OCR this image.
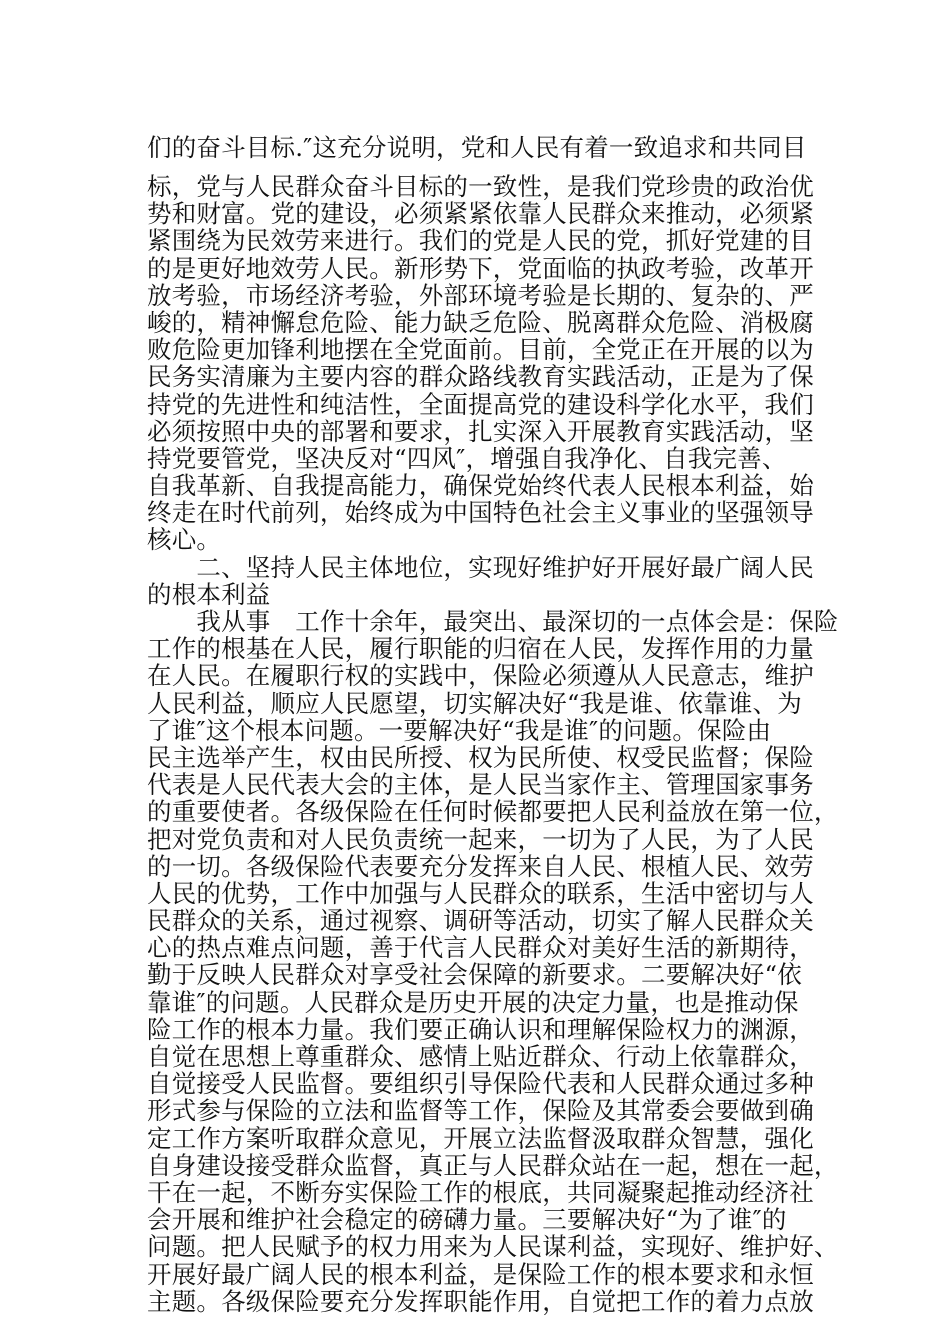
们的奋斗目标.″这充分说明，党和人民有着一致追求和共同目
标，党与人民群众奋斗目标的一致性，是我们党珍贵的政治优
势和财富。党的建设，必须紧紧依靠人民群众来推动，必须紧
紧围绕为民效劳来进行。我们的党是人民的党，抓好党建的目
的是更好地效劳人民。新形势下，党面临的执政考验，改革开
放考验，市场经济考验，外部环境考验是长期的、复杂的、严
峻的，精神懈怠危险、能力缺乏危险、脱离群众危险、消极腐
败危险更加锋利地摆在全党面前。目前，全党正在开展的以为
民务实清廉为主要内容的群众路线教育实践活动，正是为了保
持党的先进性和纯洁性，全面提高党的建设科学化水平，我们
必须按照中央的部署和要求，扎实深入开展教育实践活动，坚
持党要管党，坚决反对“四风″，增强自我净化、自我完善、
自我革新、自我提高能力，确保党始终代表人民根本利益，始
终走在时代前列，始终成为中国特色社会主义事业的坚强领导
核心。
　　二、坚持人民主体地位，实现好维护好开展好最广阔人民
的根本利益
　　我从事　工作十余年，最突出、最深切的一点体会是：保险
工作的根基在人民，履行职能的归宿在人民，发挥作用的力量
在人民。在履职行权的实践中，保险必须遵从人民意志，维护
人民利益，顺应人民愿望，切实解决好“我是谁、依靠谁、为
了谁″这个根本问题。一要解决好“我是谁″的问题。保险由
民主选举产生，权由民所授、权为民所使、权受民监督；保险
代表是人民代表大会的主体，是人民当家作主、管理国家事务
的重要使者。各级保险在任何时候都要把人民利益放在第一位，
把对党负责和对人民负责统一起来，一切为了人民，为了人民
的一切。各级保险代表要充分发挥来自人民、根植人民、效劳
人民的优势，工作中加强与人民群众的联系，生活中密切与人
民群众的关系，通过视察、调研等活动，切实了解人民群众关
心的热点难点问题，善于代言人民群众对美好生活的新期待，
勤于反映人民群众对享受社会保障的新要求。二要解决好“依
靠谁″的问题。人民群众是历史开展的决定力量，也是推动保
险工作的根本力量。我们要正确认识和理解保险权力的渊源，
自觉在思想上尊重群众、感情上贴近群众、行动上依靠群众，
自觉接受人民监督。要组织引导保险代表和人民群众通过多种
形式参与保险的立法和监督等工作，保险及其常委会要做到确
定工作方案听取群众意见，开展立法监督汲取群众智慧，强化
自身建设接受群众监督，真正与人民群众站在一起，想在一起，
干在一起，不断夯实保险工作的根底，共同凝聚起推动经济社
会开展和维护社会稳定的磅礴力量。三要解决好“为了谁″的
问题。把人民赋予的权力用来为人民谋利益，实现好、维护好、
开展好最广阔人民的根本利益，是保险工作的根本要求和永恒
主题。各级保险要充分发挥职能作用，自觉把工作的着力点放
